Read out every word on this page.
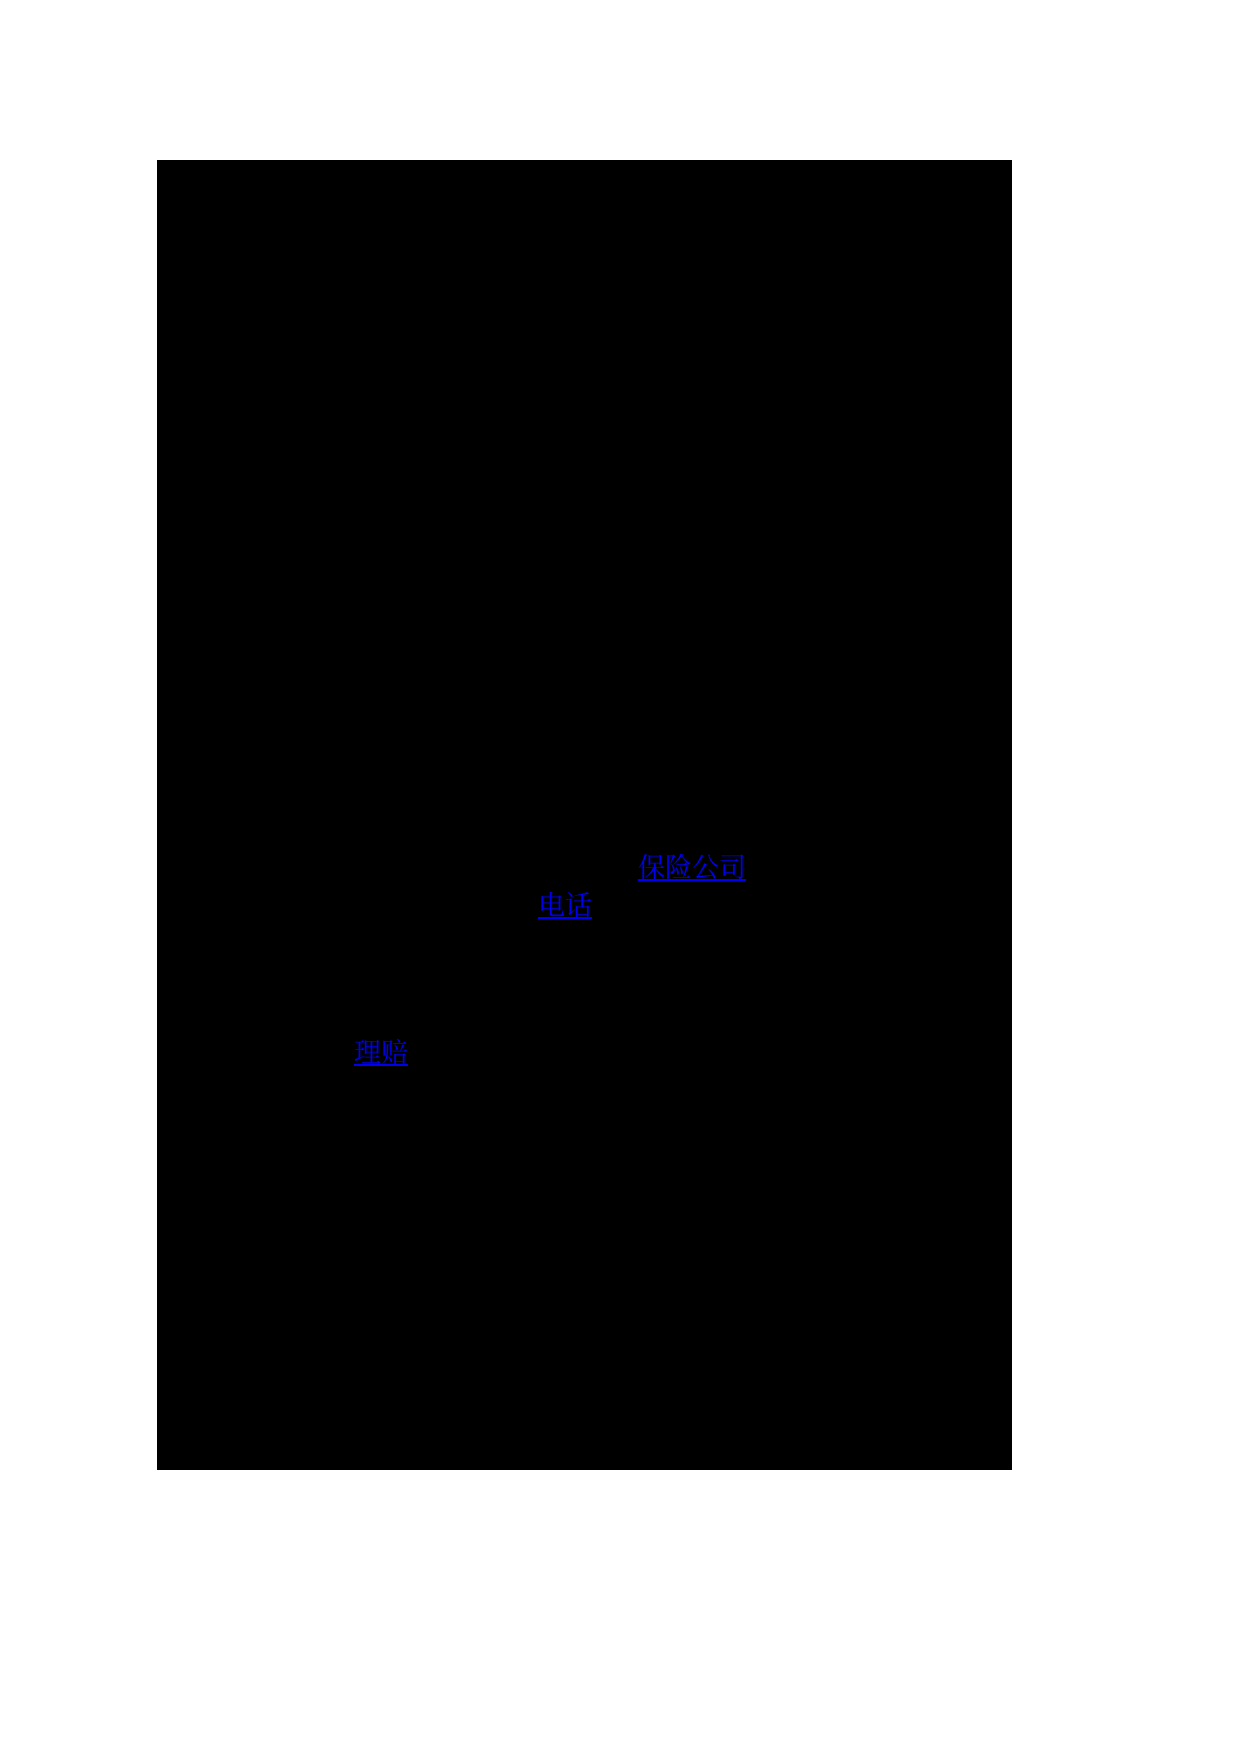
保险公司
电话
理赔
